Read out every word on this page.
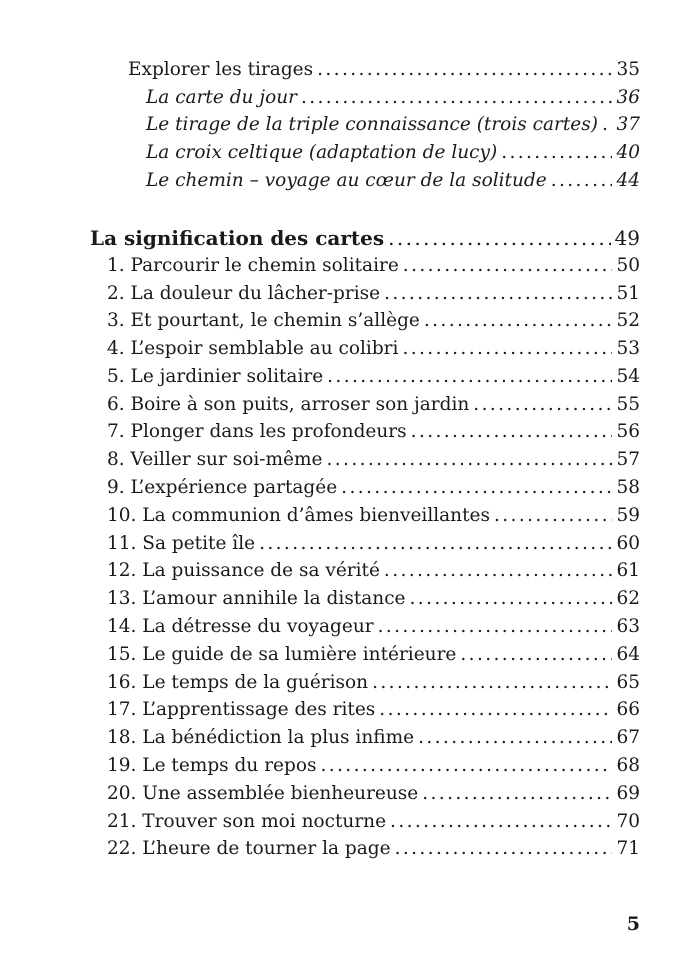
Explorer les tirages .....	35
La carte du jour .....	36
Le tirage de la triple connaissance (trois cartes) ..... 37
La croix celtique (adaptation de lucy) .....	40
Le chemin – voyage au cœur de la solitude .....	44
La signification des cartes .....	49
1. Parcourir le chemin solitaire .....	50
2. La douleur du lâcher-prise .....	51
3. Et pourtant, le chemin s’allège .....	52
4. L’espoir semblable au colibri .....	53
5. Le jardinier solitaire .....	54
6. Boire à son puits, arroser son jardin .....	55
7. Plonger dans les profondeurs .....	56
8. Veiller sur soi-même .....	57
9. L’expérience partagée .....	58
10. La communion d’âmes bienveillantes .....	59
11. Sa petite île .....	60
12. La puissance de sa vérité .....	61
13. L’amour annihile la distance .....	62
14. La détresse du voyageur .....	63
15. Le guide de sa lumière intérieure .....	64
16. Le temps de la guérison .....	65
17. L’apprentissage des rites .....	66
18. La bénédiction la plus infime .....	67
19. Le temps du repos .....	68
20. Une assemblée bienheureuse .....	69
21. Trouver son moi nocturne .....	70
22. L’heure de tourner la page .....	71
5
